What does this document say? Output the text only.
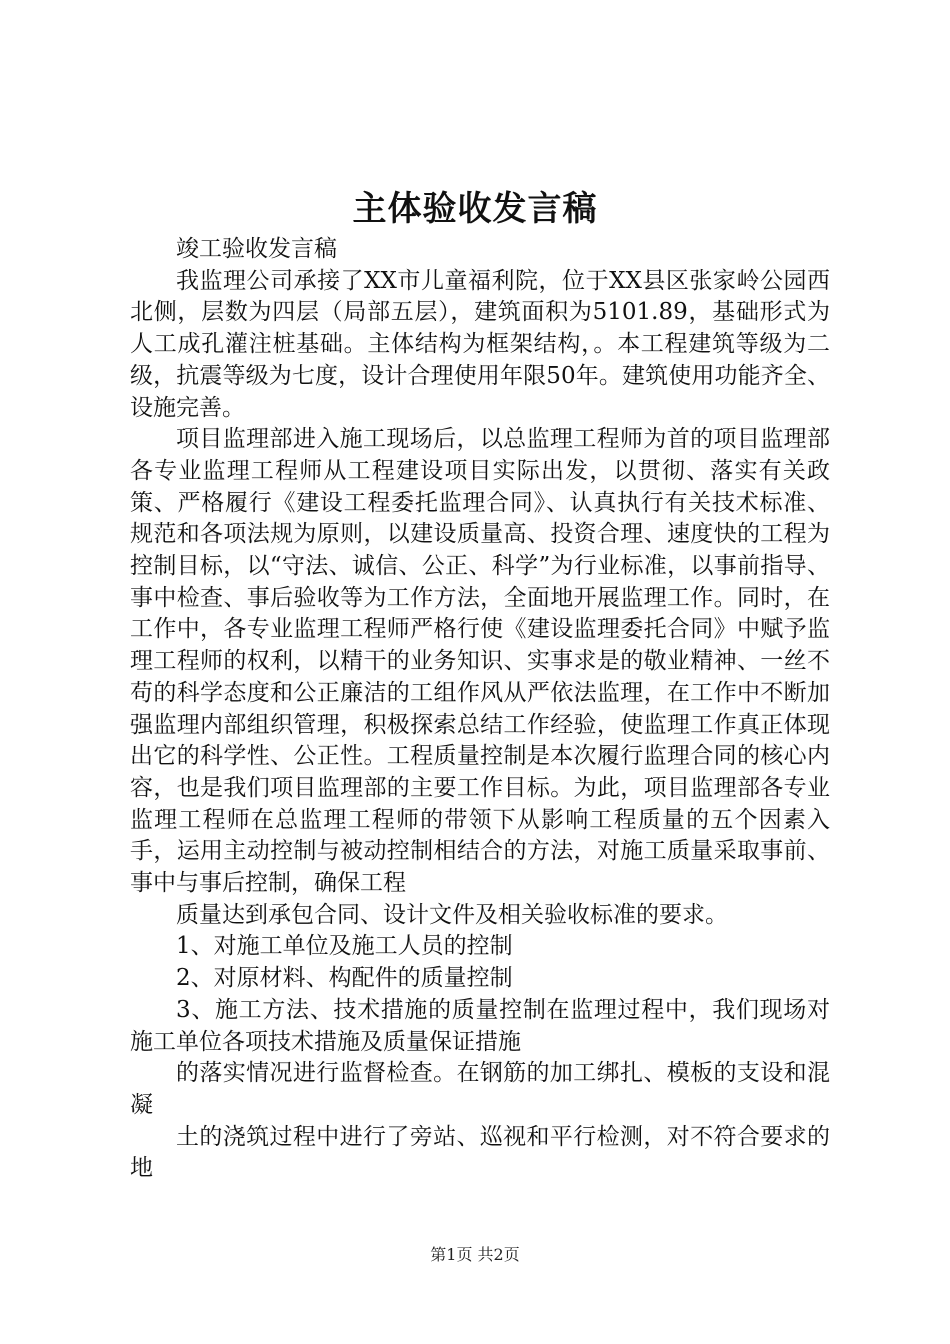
主体验收发言稿

竣工验收发言稿

我监理公司承接了XX市儿童福利院，位于XX县区张家岭公园西北侧，层数为四层（局部五层），建筑面积为5101.89，基础形式为人工成孔灌注桩基础。主体结构为框架结构，。本工程建筑等级为二级，抗震等级为七度，设计合理使用年限50年。建筑使用功能齐全、设施完善。

项目监理部进入施工现场后，以总监理工程师为首的项目监理部各专业监理工程师从工程建设项目实际出发，以贯彻、落实有关政策、严格履行《建设工程委托监理合同》、认真执行有关技术标准、规范和各项法规为原则，以建设质量高、投资合理、速度快的工程为控制目标，以“守法、诚信、公正、科学”为行业标准，以事前指导、事中检查、事后验收等为工作方法，全面地开展监理工作。同时，在工作中，各专业监理工程师严格行使《建设监理委托合同》中赋予监理工程师的权利，以精干的业务知识、实事求是的敬业精神、一丝不苟的科学态度和公正廉洁的工组作风从严依法监理，在工作中不断加强监理内部组织管理，积极探索总结工作经验，使监理工作真正体现出它的科学性、公正性。工程质量控制是本次履行监理合同的核心内容，也是我们项目监理部的主要工作目标。为此，项目监理部各专业监理工程师在总监理工程师的带领下从影响工程质量的五个因素入手，运用主动控制与被动控制相结合的方法，对施工质量采取事前、事中与事后控制，确保工程

质量达到承包合同、设计文件及相关验收标准的要求。

1、对施工单位及施工人员的控制

2、对原材料、构配件的质量控制

3、施工方法、技术措施的质量控制在监理过程中，我们现场对施工单位各项技术措施及质量保证措施

的落实情况进行监督检查。在钢筋的加工绑扎、模板的支设和混凝

土的浇筑过程中进行了旁站、巡视和平行检测，对不符合要求的地

第1页 共2页
